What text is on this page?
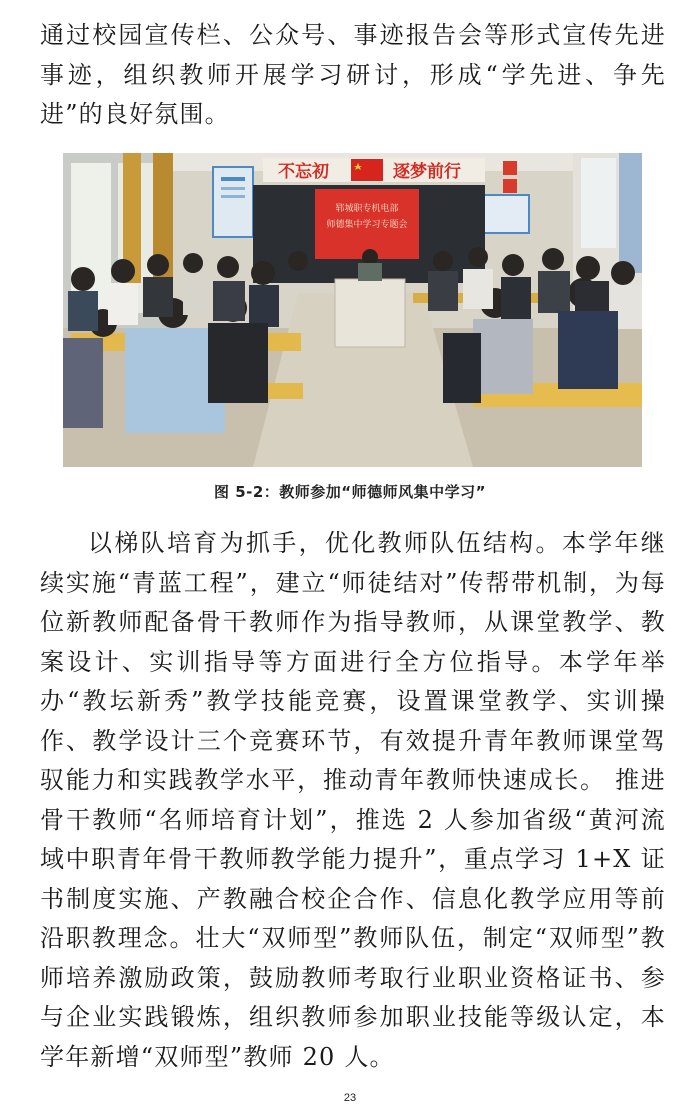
通过校园宣传栏、公众号、事迹报告会等形式宣传先进事迹，组织教师开展学习研讨，形成“学先进、争先进”的良好氛围。

不忘初	逐梦前行
郓城职专机电部
师德集中学习专题会
图 5-2：教师参加“师德师风集中学习”

以梯队培育为抓手，优化教师队伍结构。本学年继续实施“青蓝工程”，建立“师徒结对”传帮带机制，为每位新教师配备骨干教师作为指导教师，从课堂教学、教案设计、实训指导等方面进行全方位指导。本学年举办“教坛新秀”教学技能竞赛，设置课堂教学、实训操作、教学设计三个竞赛环节，有效提升青年教师课堂驾驭能力和实践教学水平，推动青年教师快速成长。 推进骨干教师“名师培育计划”，推选 2 人参加省级“黄河流域中职青年骨干教师教学能力提升”，重点学习 1+X 证书制度实施、产教融合校企合作、信息化教学应用等前沿职教理念。壮大“双师型”教师队伍，制定“双师型”教师培养激励政策，鼓励教师考取行业职业资格证书、参与企业实践锻炼，组织教师参加职业技能等级认定，本学年新增“双师型”教师 20 人。

23
